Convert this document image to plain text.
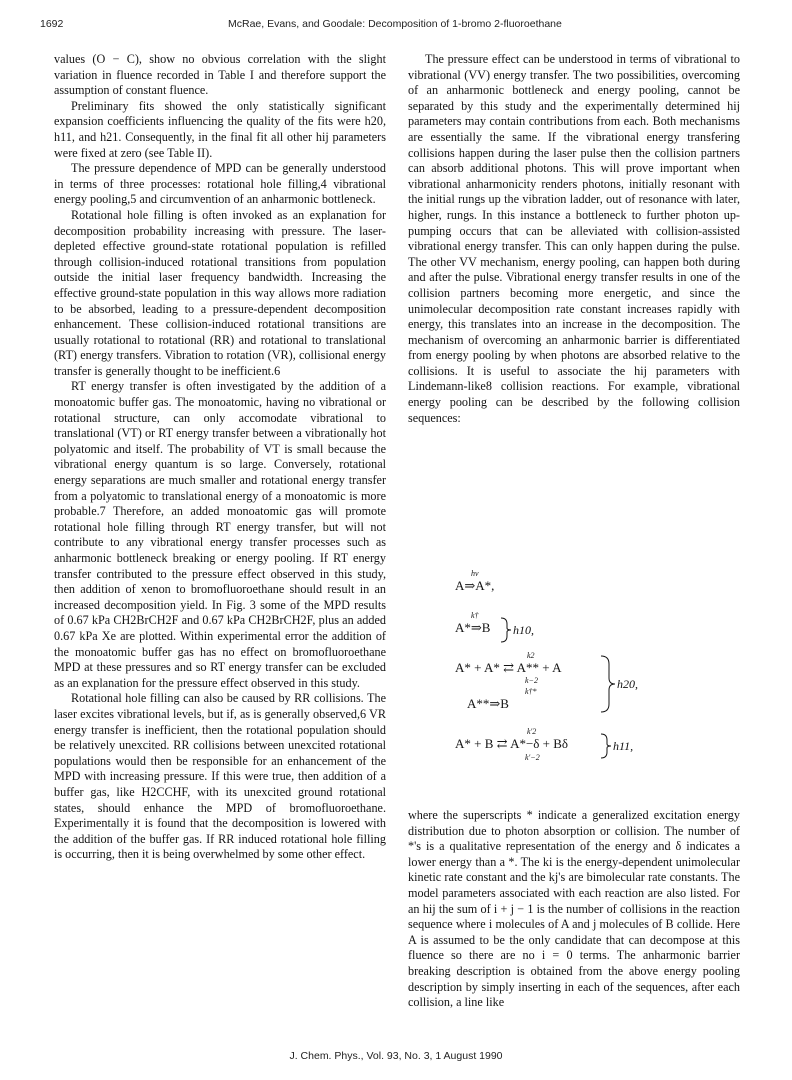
1692	McRae, Evans, and Goodale: Decomposition of 1-bromo 2-fluoroethane

values (O − C), show no obvious correlation with the slight variation in fluence recorded in Table I and therefore support the assumption of constant fluence.

Preliminary fits showed the only statistically significant expansion coefficients influencing the quality of the fits were h20, h11, and h21. Consequently, in the final fit all other hij parameters were fixed at zero (see Table II).

The pressure dependence of MPD can be generally understood in terms of three processes: rotational hole filling,4 vibrational energy pooling,5 and circumvention of an anharmonic bottleneck.

Rotational hole filling is often invoked as an explanation for decomposition probability increasing with pressure. The laser-depleted effective ground-state rotational population is refilled through collision-induced rotational transitions from population outside the initial laser frequency bandwidth. Increasing the effective ground-state population in this way allows more radiation to be absorbed, leading to a pressure-dependent decomposition enhancement. These collision-induced rotational transitions are usually rotational to rotational (RR) and rotational to translational (RT) energy transfers. Vibration to rotation (VR), collisional energy transfer is generally thought to be inefficient.6

RT energy transfer is often investigated by the addition of a monoatomic buffer gas. The monoatomic, having no vibrational or rotational structure, can only accomodate vibrational to translational (VT) or RT energy transfer between a vibrationally hot polyatomic and itself. The probability of VT is small because the vibrational energy quantum is so large. Conversely, rotational energy separations are much smaller and rotational energy transfer from a polyatomic to translational energy of a monoatomic is more probable.7 Therefore, an added monoatomic gas will promote rotational hole filling through RT energy transfer, but will not contribute to any vibrational energy transfer processes such as anharmonic bottleneck breaking or energy pooling. If RT energy transfer contributed to the pressure effect observed in this study, then addition of xenon to bromofluoroethane should result in an increased decomposition yield. In Fig. 3 some of the MPD results of 0.67 kPa CH2BrCH2F and 0.67 kPa CH2BrCH2F, plus an added 0.67 kPa Xe are plotted. Within experimental error the addition of the monoatomic buffer gas has no effect on bromofluoroethane MPD at these pressures and so RT energy transfer can be excluded as an explanation for the pressure effect observed in this study.

Rotational hole filling can also be caused by RR collisions. The laser excites vibrational levels, but if, as is generally observed,6 VR energy transfer is inefficient, then the rotational population should be relatively unexcited. RR collisions between unexcited rotational populations would then be responsible for an enhancement of the MPD with increasing pressure. If this were true, then addition of a buffer gas, like H2CCHF, with its unexcited ground rotational states, should enhance the MPD of bromofluoroethane. Experimentally it is found that the decomposition is lowered with the addition of the buffer gas. If RR induced rotational hole filling is occurring, then it is being overwhelmed by some other effect.

The pressure effect can be understood in terms of vibrational to vibrational (VV) energy transfer. The two possibilities, overcoming of an anharmonic bottleneck and energy pooling, cannot be separated by this study and the experimentally determined hij parameters may contain contributions from each. Both mechanisms are essentially the same. If the vibrational energy transfering collisions happen during the laser pulse then the collision partners can absorb additional photons. This will prove important when vibrational anharmonicity renders photons, initially resonant with the initial rungs up the vibration ladder, out of resonance with later, higher, rungs. In this instance a bottleneck to further photon up-pumping occurs that can be alleviated with collision-assisted vibrational energy transfer. This can only happen during the pulse. The other VV mechanism, energy pooling, can happen both during and after the pulse. Vibrational energy transfer results in one of the collision partners becoming more energetic, and since the unimolecular decomposition rate constant increases rapidly with energy, this translates into an increase in the decomposition. The mechanism of overcoming an anharmonic barrier is differentiated from energy pooling by when photons are absorbed relative to the collisions. It is useful to associate the hij parameters with Lindemann-like8 collision reactions. For example, vibrational energy pooling can be described by the following collision sequences:

hν
A⇒A*,
k†
A*⇒B h10,
k2
A* + A* ⇄ A** + A
k−2
k†*
A**⇒B
h20,
k′2
A* + B ⇄ A*−δ + Bδ
k′−2
h11,

where the superscripts * indicate a generalized excitation energy distribution due to photon absorption or collision. The number of *'s is a qualitative representation of the energy and δ indicates a lower energy than a *. The ki is the energy-dependent unimolecular kinetic rate constant and the kj's are bimolecular rate constants. The model parameters associated with each reaction are also listed. For an hij the sum of i + j − 1 is the number of collisions in the reaction sequence where i molecules of A and j molecules of B collide. Here A is assumed to be the only candidate that can decompose at this fluence so there are no i = 0 terms. The anharmonic barrier breaking description is obtained from the above energy pooling description by simply inserting in each of the sequences, after each collision, a line like

J. Chem. Phys., Vol. 93, No. 3, 1 August 1990
